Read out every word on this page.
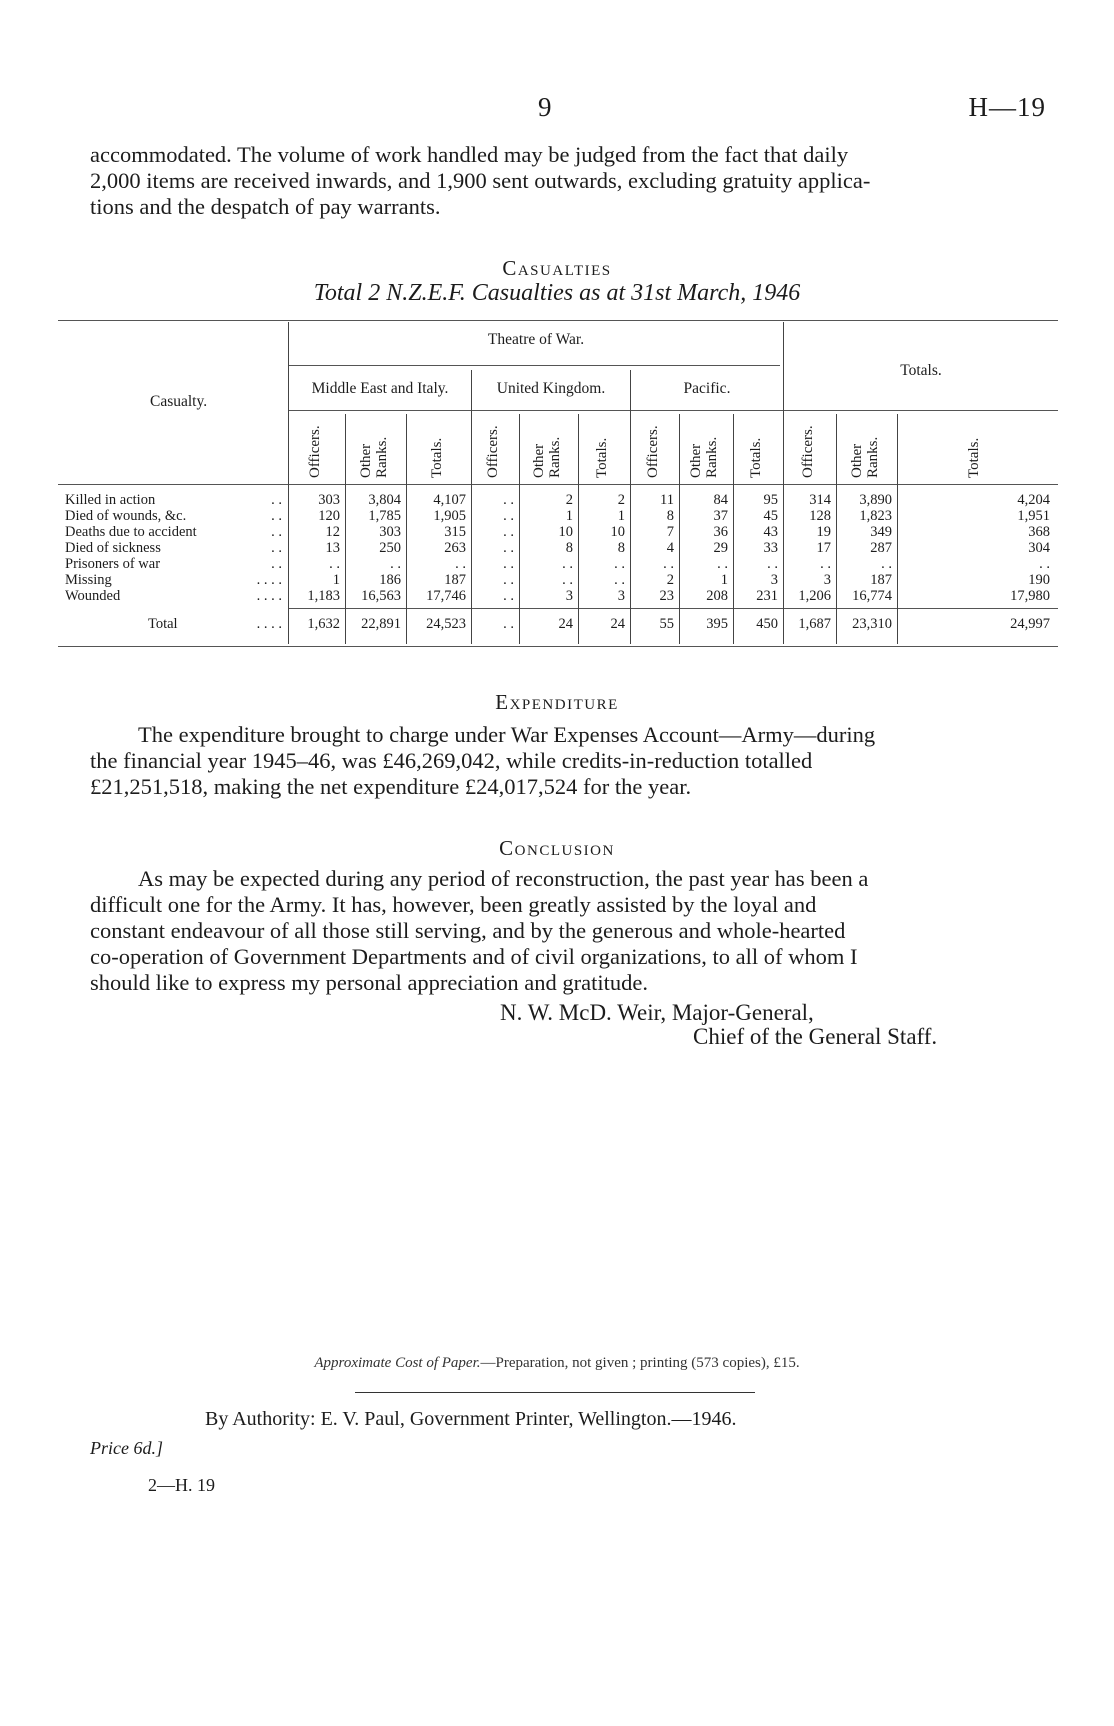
9	H—19
accommodated. The volume of work handled may be judged from the fact that daily
2,000 items are received inwards, and 1,900 sent outwards, excluding gratuity applica-
tions and the despatch of pay warrants.
Casualties
Total 2 N.Z.E.F. Casualties as at 31st March, 1946
Casualty.
Theatre of War.
Totals.
Middle East and Italy.	United Kingdom.	Pacific.
Officers. Other Ranks.	Totals.	Officers. Other Ranks. Totals. Officers. Other Ranks. Totals. Officers. Other Ranks.	Totals.
Killed in action	. .	303	3,804	4,107	. .	2	2	11	84	95	314	3,890	4,204
Died of wounds, &c.	. .	120	1,785	1,905	. .	1	1	8	37	45	128	1,823	1,951
Deaths due to accident	. .	12	303	315	. .	10	10	7	36	43	19	349	368
Died of sickness	. .	13	250	263	. .	8	8	4	29	33	17	287	304
Prisoners of war	. .	. .	. .	. .	. .	. .	. .	. .	. .	. .	. .	. .	. .
Missing	. . . .	1	186	187	. .	. .	. .	2	1	3	3	187	190
Wounded	. . . .	1,183	16,563	17,746	. .	3	3	23	208	231	1,206	16,774	17,980
Total	. . . .	1,632	22,891	24,523	. .	24	24	55	395	450	1,687	23,310	24,997
Expenditure
The expenditure brought to charge under War Expenses Account—Army—during
the financial year 1945–46, was £46,269,042, while credits-in-reduction totalled
£21,251,518, making the net expenditure £24,017,524 for the year.
Conclusion
As may be expected during any period of reconstruction, the past year has been a
difficult one for the Army. It has, however, been greatly assisted by the loyal and
constant endeavour of all those still serving, and by the generous and whole-hearted
co-operation of Government Departments and of civil organizations, to all of whom I
should like to express my personal appreciation and gratitude.
N. W. McD. Weir, Major-General,
Chief of the General Staff.
Approximate Cost of Paper.—Preparation, not given ; printing (573 copies), £15.
By Authority: E. V. Paul, Government Printer, Wellington.—1946.
Price 6d.]
2—H. 19
